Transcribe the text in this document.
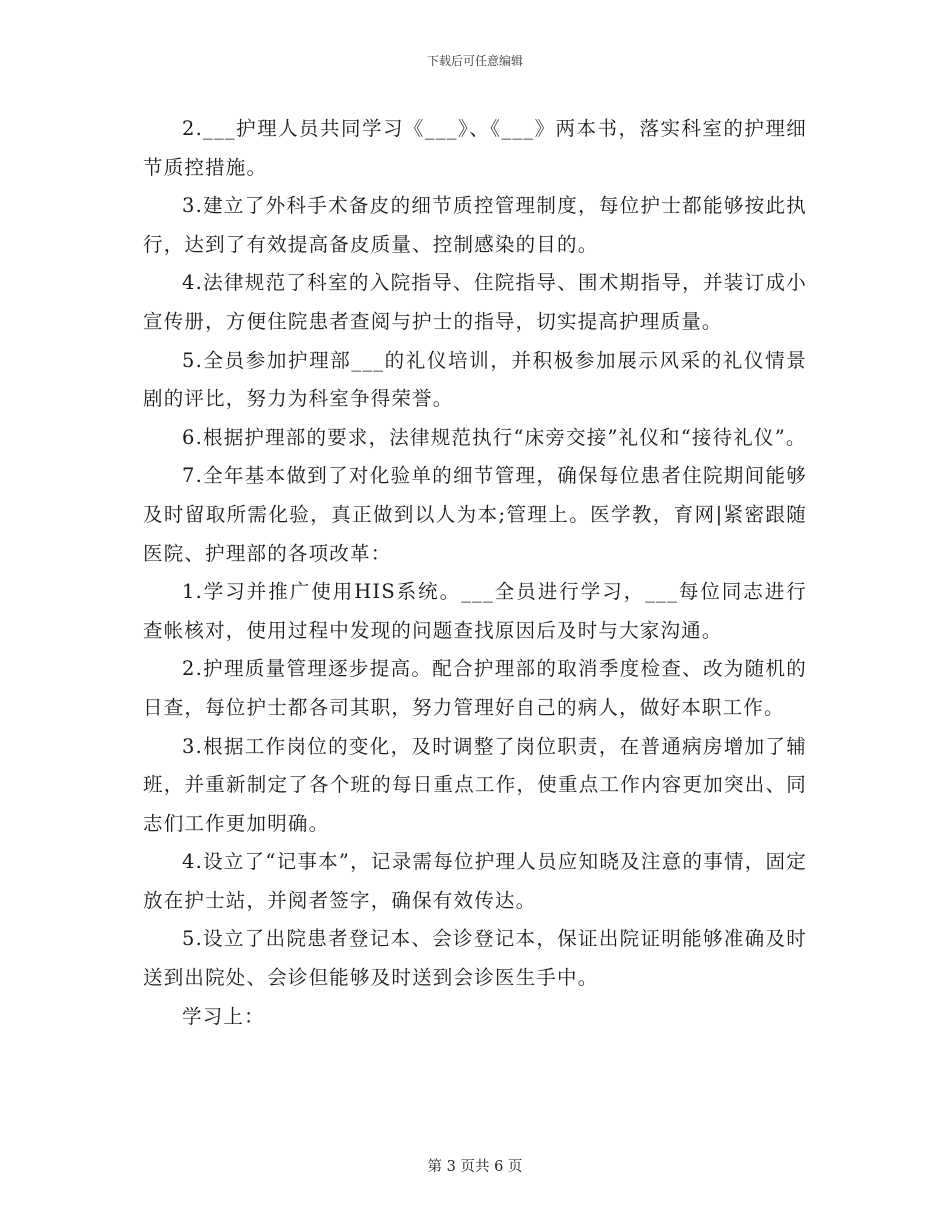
下载后可任意编辑

2.___护理人员共同学习《___》、《___》两本书，落实科室的护理细节质控措施。

3.建立了外科手术备皮的细节质控管理制度，每位护士都能够按此执行，达到了有效提高备皮质量、控制感染的目的。

4.法律规范了科室的入院指导、住院指导、围术期指导，并装订成小宣传册，方便住院患者查阅与护士的指导，切实提高护理质量。

5.全员参加护理部___的礼仪培训，并积极参加展示风采的礼仪情景剧的评比，努力为科室争得荣誉。

6.根据护理部的要求，法律规范执行“床旁交接”礼仪和“接待礼仪”。

7.全年基本做到了对化验单的细节管理，确保每位患者住院期间能够及时留取所需化验，真正做到以人为本;管理上。医学教，育网|紧密跟随医院、护理部的各项改革：

1.学习并推广使用HIS系统。___全员进行学习，___每位同志进行查帐核对，使用过程中发现的问题查找原因后及时与大家沟通。

2.护理质量管理逐步提高。配合护理部的取消季度检查、改为随机的日查，每位护士都各司其职，努力管理好自己的病人，做好本职工作。

3.根据工作岗位的变化，及时调整了岗位职责，在普通病房增加了辅班，并重新制定了各个班的每日重点工作，使重点工作内容更加突出、同志们工作更加明确。

4.设立了“记事本”，记录需每位护理人员应知晓及注意的事情，固定放在护士站，并阅者签字，确保有效传达。

5.设立了出院患者登记本、会诊登记本，保证出院证明能够准确及时送到出院处、会诊但能够及时送到会诊医生手中。

学习上：

第 3 页共 6 页
